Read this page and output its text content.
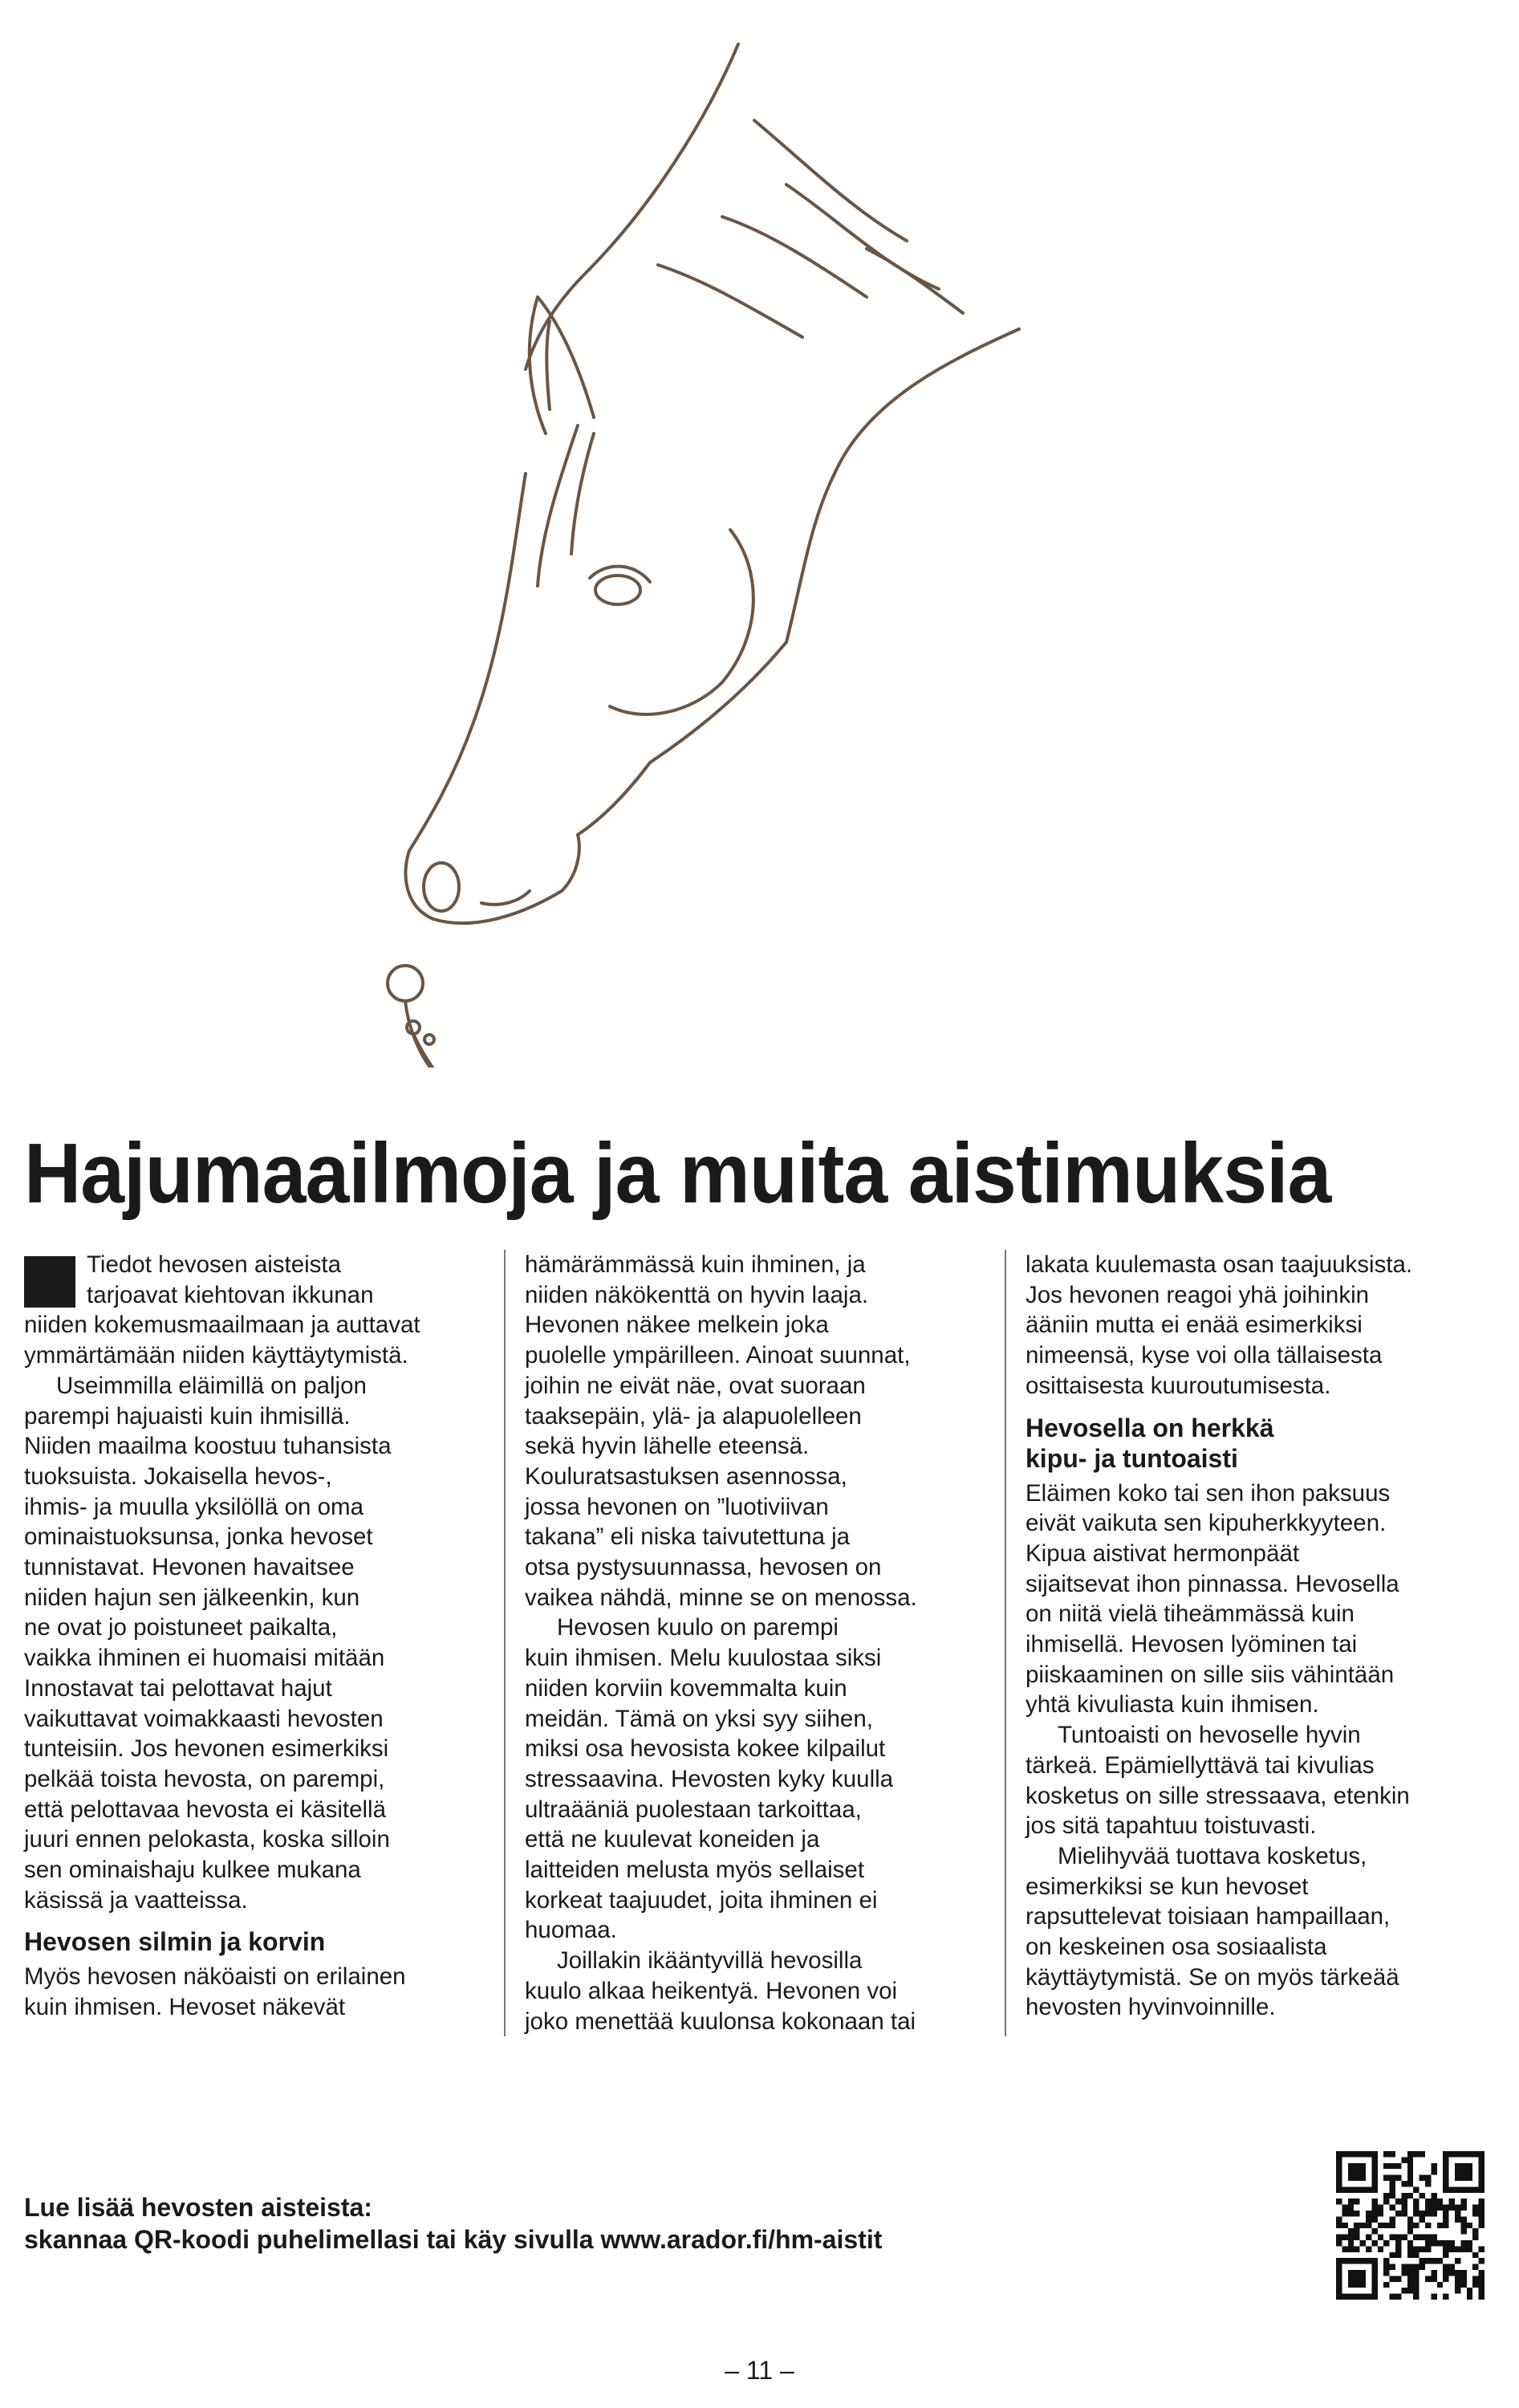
Hajumaailmoja ja muita aistimuksia

Tiedot hevosen aisteista
tarjoavat kiehtovan ikkunan
niiden kokemusmaailmaan ja auttavat
ymmärtämään niiden käyttäytymistä.

Useimmilla eläimillä on paljon
parempi hajuaisti kuin ihmisillä.
Niiden maailma koostuu tuhansista
tuoksuista. Jokaisella hevos-,
ihmis- ja muulla yksilöllä on oma
ominaistuoksunsa, jonka hevoset
tunnistavat. Hevonen havaitsee
niiden hajun sen jälkeenkin, kun
ne ovat jo poistuneet paikalta,
vaikka ihminen ei huomaisi mitään
Innostavat tai pelottavat hajut
vaikuttavat voimakkaasti hevosten
tunteisiin. Jos hevonen esimerkiksi
pelkää toista hevosta, on parempi,
että pelottavaa hevosta ei käsitellä
juuri ennen pelokasta, koska silloin
sen ominaishaju kulkee mukana
käsissä ja vaatteissa.

Hevosen silmin ja korvin

Myös hevosen näköaisti on erilainen
kuin ihmisen. Hevoset näkevät

hämärämmässä kuin ihminen, ja
niiden näkökenttä on hyvin laaja.
Hevonen näkee melkein joka
puolelle ympärilleen. Ainoat suunnat,
joihin ne eivät näe, ovat suoraan
taaksepäin, ylä- ja alapuolelleen
sekä hyvin lähelle eteensä.
Kouluratsastuksen asennossa,
jossa hevonen on ”luotiviivan
takana” eli niska taivutettuna ja
otsa pystysuunnassa, hevosen on
vaikea nähdä, minne se on menossa.

Hevosen kuulo on parempi
kuin ihmisen. Melu kuulostaa siksi
niiden korviin kovemmalta kuin
meidän. Tämä on yksi syy siihen,
miksi osa hevosista kokee kilpailut
stressaavina. Hevosten kyky kuulla
ultraääniä puolestaan tarkoittaa,
että ne kuulevat koneiden ja
laitteiden melusta myös sellaiset
korkeat taajuudet, joita ihminen ei
huomaa.

Joillakin ikääntyvillä hevosilla
kuulo alkaa heikentyä. Hevonen voi
joko menettää kuulonsa kokonaan tai

lakata kuulemasta osan taajuuksista.
Jos hevonen reagoi yhä joihinkin
ääniin mutta ei enää esimerkiksi
nimeensä, kyse voi olla tällaisesta
osittaisesta kuuroutumisesta.

Hevosella on herkkä
kipu- ja tuntoaisti

Eläimen koko tai sen ihon paksuus
eivät vaikuta sen kipuherkkyyteen.
Kipua aistivat hermonpäät
sijaitsevat ihon pinnassa. Hevosella
on niitä vielä tiheämmässä kuin
ihmisellä. Hevosen lyöminen tai
piiskaaminen on sille siis vähintään
yhtä kivuliasta kuin ihmisen.

Tuntoaisti on hevoselle hyvin
tärkeä. Epämiellyttävä tai kivulias
kosketus on sille stressaava, etenkin
jos sitä tapahtuu toistuvasti.

Mielihyvää tuottava kosketus,
esimerkiksi se kun hevoset
rapsuttelevat toisiaan hampaillaan,
on keskeinen osa sosiaalista
käyttäytymistä. Se on myös tärkeää
hevosten hyvinvoinnille.

Lue lisää hevosten aisteista:
skannaa QR-koodi puhelimellasi tai käy sivulla www.arador.fi/hm-aistit
– 11 –
